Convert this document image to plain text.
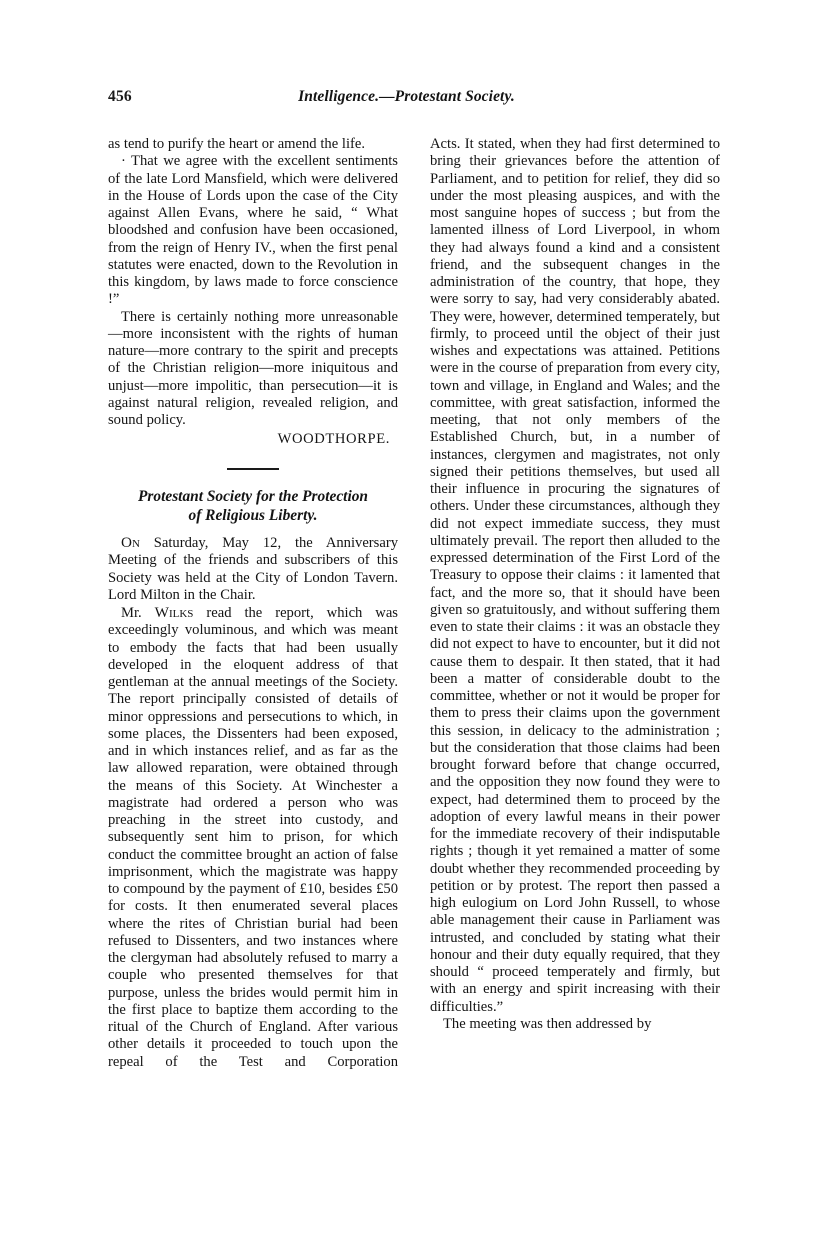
456	Intelligence.—Protestant Society.

as tend to purify the heart or amend the life.

· That we agree with the excellent sentiments of the late Lord Mansfield, which were delivered in the House of Lords upon the case of the City against Allen Evans, where he said, “ What bloodshed and confusion have been occasioned, from the reign of Henry IV., when the first penal statutes were enacted, down to the Revolution in this kingdom, by laws made to force conscience !”

There is certainly nothing more unreasonable—more inconsistent with the rights of human nature—more contrary to the spirit and precepts of the Christian religion—more iniquitous and unjust—more impolitic, than persecution—it is against natural religion, revealed religion, and sound policy.

WOODTHORPE.

Protestant Society for the Protection
of Religious Liberty.

On Saturday, May 12, the Anniversary Meeting of the friends and subscribers of this Society was held at the City of London Tavern. Lord Milton in the Chair.

Mr. Wilks read the report, which was exceedingly voluminous, and which was meant to embody the facts that had been usually developed in the eloquent address of that gentleman at the annual meetings of the Society. The report principally consisted of details of minor oppressions and persecutions to which, in some places, the Dissenters had been exposed, and in which instances relief, and as far as the law allowed reparation, were obtained through the means of this Society. At Winchester a magistrate had ordered a person who was preaching in the street into custody, and subsequently sent him to prison, for which conduct the committee brought an action of false imprisonment, which the magistrate was happy to compound by the payment of £10, besides £50 for costs. It then enumerated several places where the rites of Christian burial had been refused to Dissenters, and two instances where the clergyman had absolutely refused to marry a couple who presented themselves for that purpose, unless the brides would permit him in the first place to baptize them according to the ritual of the Church of England. After various other details it proceeded to touch upon the repeal of the Test and Corporation

Acts. It stated, when they had first determined to bring their grievances before the attention of Parliament, and to petition for relief, they did so under the most pleasing auspices, and with the most sanguine hopes of success ; but from the lamented illness of Lord Liverpool, in whom they had always found a kind and a consistent friend, and the subsequent changes in the administration of the country, that hope, they were sorry to say, had very considerably abated. They were, however, determined temperately, but firmly, to proceed until the object of their just wishes and expectations was attained. Petitions were in the course of preparation from every city, town and village, in England and Wales; and the committee, with great satisfaction, informed the meeting, that not only members of the Established Church, but, in a number of instances, clergymen and magistrates, not only signed their petitions themselves, but used all their influence in procuring the signatures of others. Under these circumstances, although they did not expect immediate success, they must ultimately prevail. The report then alluded to the expressed determination of the First Lord of the Treasury to oppose their claims : it lamented that fact, and the more so, that it should have been given so gratuitously, and without suffering them even to state their claims : it was an obstacle they did not expect to have to encounter, but it did not cause them to despair. It then stated, that it had been a matter of considerable doubt to the committee, whether or not it would be proper for them to press their claims upon the government this session, in delicacy to the administration ; but the consideration that those claims had been brought forward before that change occurred, and the opposition they now found they were to expect, had determined them to proceed by the adoption of every lawful means in their power for the immediate recovery of their indisputable rights ; though it yet remained a matter of some doubt whether they recommended proceeding by petition or by protest. The report then passed a high eulogium on Lord John Russell, to whose able management their cause in Parliament was intrusted, and concluded by stating what their honour and their duty equally required, that they should “ proceed temperately and firmly, but with an energy and spirit increasing with their difficulties.”

The meeting was then addressed by
